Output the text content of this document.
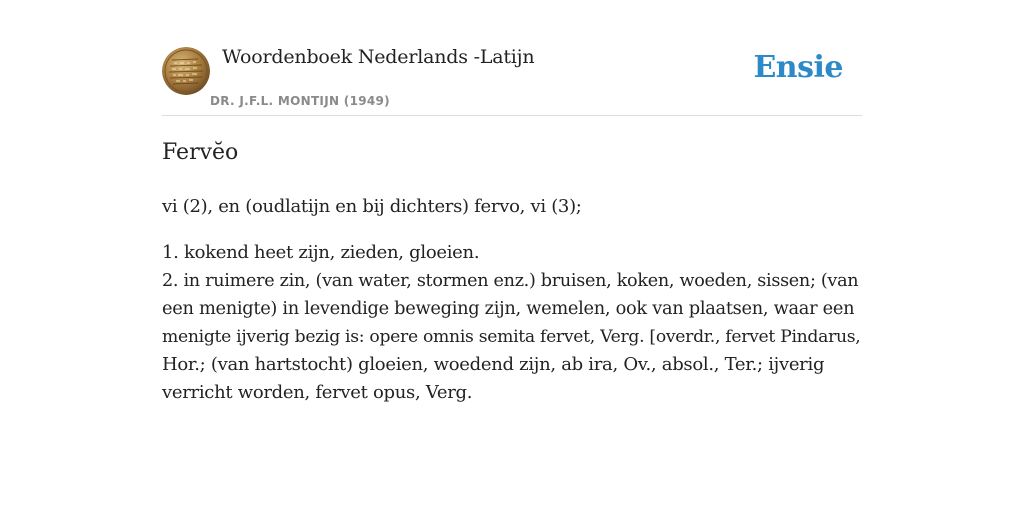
Woordenboek Nederlands -Latijn
DR. J.F.L. MONTIJN (1949)
Ensie
Fervĕo
vi (2), en (oudlatijn en bij dichters) fervo, vi (3);
1. kokend heet zijn, zieden, gloeien.
2. in ruimere zin, (van water, stormen enz.) bruisen, koken, woeden, sissen; (van
een menigte) in levendige beweging zijn, wemelen, ook van plaatsen, waar een
menigte ijverig bezig is: opere omnis semita fervet, Verg. [overdr., fervet Pindarus,
Hor.; (van hartstocht) gloeien, woedend zijn, ab ira, Ov., absol., Ter.; ijverig
verricht worden, fervet opus, Verg.
